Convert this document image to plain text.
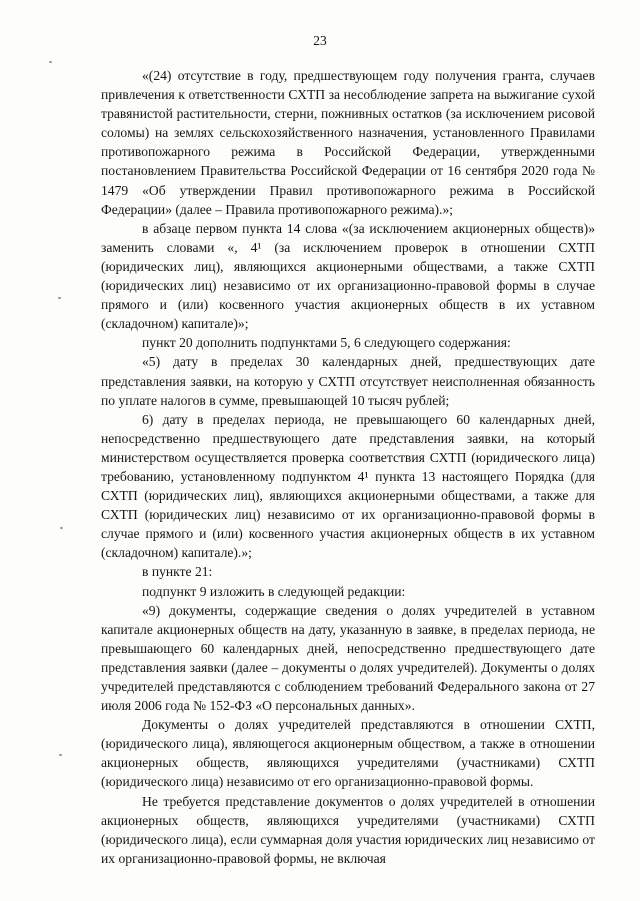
23

«(24) отсутствие в году, предшествующем году получения гранта, случаев привлечения к ответственности СХТП за несоблюдение запрета на выжигание сухой травянистой растительности, стерни, пожнивных остатков (за исключением рисовой соломы) на землях сельскохозяйственного назначения, установленного Правилами противопожарного режима в Российской Федерации, утвержденными постановлением Правительства Российской Федерации от 16 сентября 2020 года № 1479 «Об утверждении Правил противопожарного режима в Российской Федерации» (далее – Правила противопожарного режима).»;

в абзаце первом пункта 14 слова «(за исключением акционерных обществ)» заменить словами «, 4¹ (за исключением проверок в отношении СХТП (юридических лиц), являющихся акционерными обществами, а также СХТП (юридических лиц) независимо от их организационно-правовой формы в случае прямого и (или) косвенного участия акционерных обществ в их уставном (складочном) капитале)»;

пункт 20 дополнить подпунктами 5, 6 следующего содержания:

«5) дату в пределах 30 календарных дней, предшествующих дате представления заявки, на которую у СХТП отсутствует неисполненная обязанность по уплате налогов в сумме, превышающей 10 тысяч рублей;

6) дату в пределах периода, не превышающего 60 календарных дней, непосредственно предшествующего дате представления заявки, на который министерством осуществляется проверка соответствия СХТП (юридического лица) требованию, установленному подпунктом 4¹ пункта 13 настоящего Порядка (для СХТП (юридических лиц), являющихся акционерными обществами, а также для СХТП (юридических лиц) независимо от их организационно-правовой формы в случае прямого и (или) косвенного участия акционерных обществ в их уставном (складочном) капитале).»;

в пункте 21:

подпункт 9 изложить в следующей редакции:

«9) документы, содержащие сведения о долях учредителей в уставном капитале акционерных обществ на дату, указанную в заявке, в пределах периода, не превышающего 60 календарных дней, непосредственно предшествующего дате представления заявки (далее – документы о долях учредителей). Документы о долях учредителей представляются с соблюдением требований Федерального закона от 27 июля 2006 года № 152-ФЗ «О персональных данных».

Документы о долях учредителей представляются в отношении СХТП, (юридического лица), являющегося акционерным обществом, а также в отношении акционерных обществ, являющихся учредителями (участниками) СХТП (юридического лица) независимо от его организационно-правовой формы.

Не требуется представление документов о долях учредителей в отношении акционерных обществ, являющихся учредителями (участниками) СХТП (юридического лица), если суммарная доля участия юридических лиц независимо от их организационно-правовой формы, не включая
